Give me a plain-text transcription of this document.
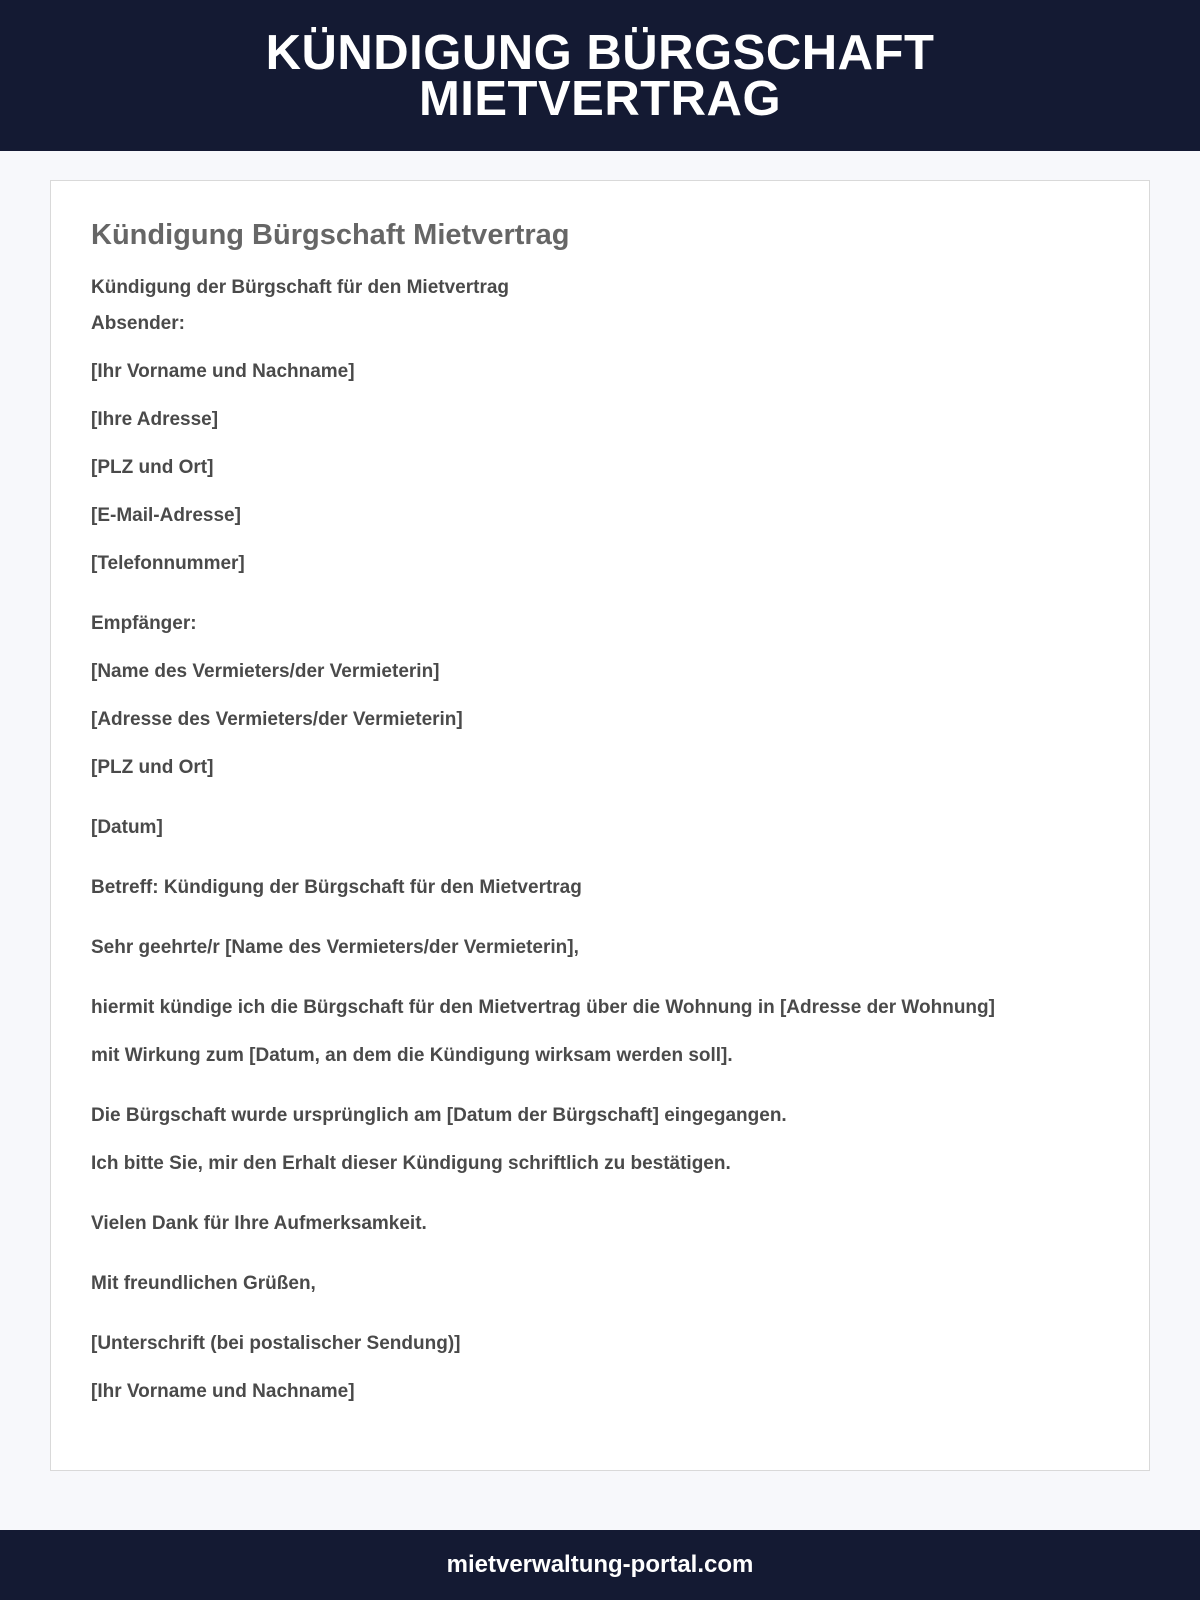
KÜNDIGUNG BÜRGSCHAFT MIETVERTRAG
Kündigung Bürgschaft Mietvertrag

Kündigung der Bürgschaft für den Mietvertrag

Absender:

[Ihr Vorname und Nachname]

[Ihre Adresse]

[PLZ und Ort]

[E-Mail-Adresse]

[Telefonnummer]

Empfänger:

[Name des Vermieters/der Vermieterin]

[Adresse des Vermieters/der Vermieterin]

[PLZ und Ort]

[Datum]

Betreff: Kündigung der Bürgschaft für den Mietvertrag

Sehr geehrte/r [Name des Vermieters/der Vermieterin],

hiermit kündige ich die Bürgschaft für den Mietvertrag über die Wohnung in [Adresse der Wohnung]

mit Wirkung zum [Datum, an dem die Kündigung wirksam werden soll].

Die Bürgschaft wurde ursprünglich am [Datum der Bürgschaft] eingegangen.

Ich bitte Sie, mir den Erhalt dieser Kündigung schriftlich zu bestätigen.

Vielen Dank für Ihre Aufmerksamkeit.

Mit freundlichen Grüßen,

[Unterschrift (bei postalischer Sendung)]

[Ihr Vorname und Nachname]

mietverwaltung-portal.com
